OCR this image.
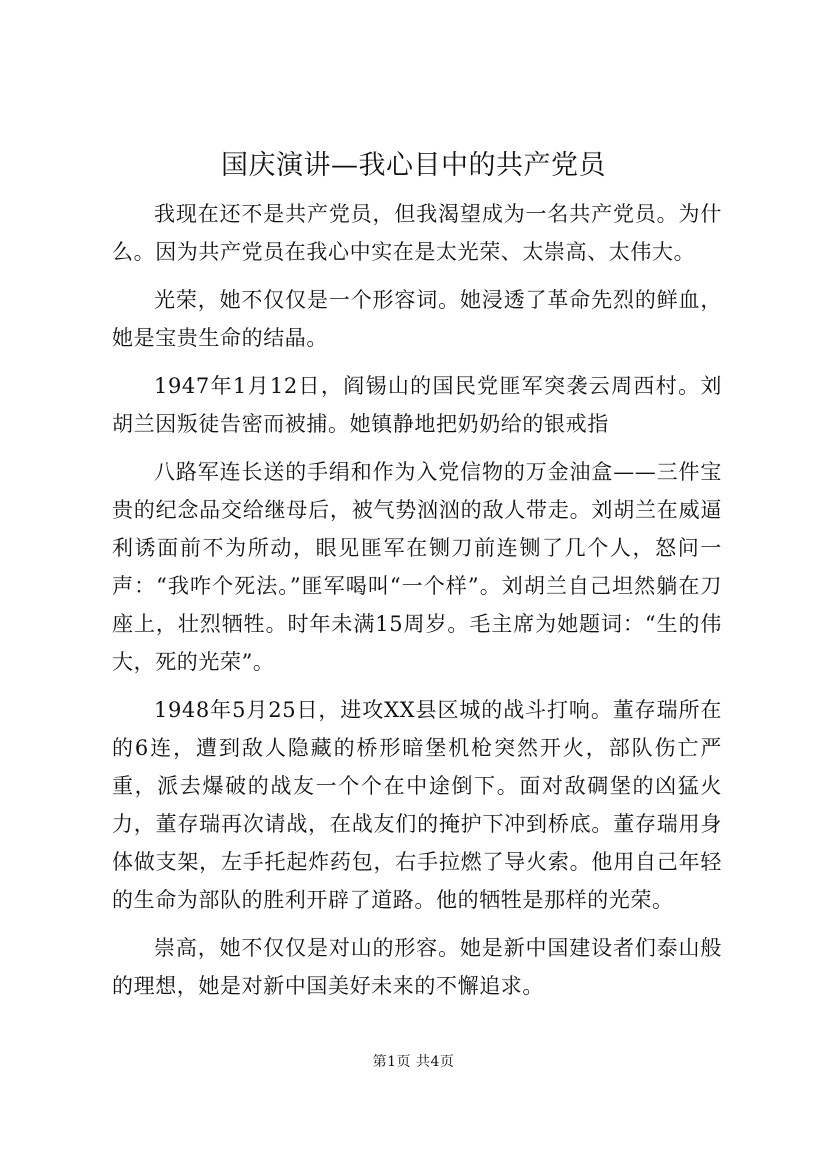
国庆演讲—我心目中的共产党员

我现在还不是共产党员，但我渴望成为一名共产党员。为什么。因为共产党员在我心中实在是太光荣、太崇高、太伟大。

光荣，她不仅仅是一个形容词。她浸透了革命先烈的鲜血，她是宝贵生命的结晶。

1947年1月12日，阎锡山的国民党匪军突袭云周西村。刘胡兰因叛徒告密而被捕。她镇静地把奶奶给的银戒指

八路军连长送的手绢和作为入党信物的万金油盒——三件宝贵的纪念品交给继母后，被气势汹汹的敌人带走。刘胡兰在威逼利诱面前不为所动，眼见匪军在铡刀前连铡了几个人，怒问一声：“我咋个死法。”匪军喝叫“一个样”。刘胡兰自己坦然躺在刀座上，壮烈牺牲。时年未满15周岁。毛主席为她题词：“生的伟大，死的光荣”。

1948年5月25日，进攻XX县区城的战斗打响。董存瑞所在的6连，遭到敌人隐藏的桥形暗堡机枪突然开火，部队伤亡严重，派去爆破的战友一个个在中途倒下。面对敌碉堡的凶猛火力，董存瑞再次请战，在战友们的掩护下冲到桥底。董存瑞用身体做支架，左手托起炸药包，右手拉燃了导火索。他用自己年轻的生命为部队的胜利开辟了道路。他的牺牲是那样的光荣。

崇高，她不仅仅是对山的形容。她是新中国建设者们泰山般的理想，她是对新中国美好未来的不懈追求。

第1页 共4页
